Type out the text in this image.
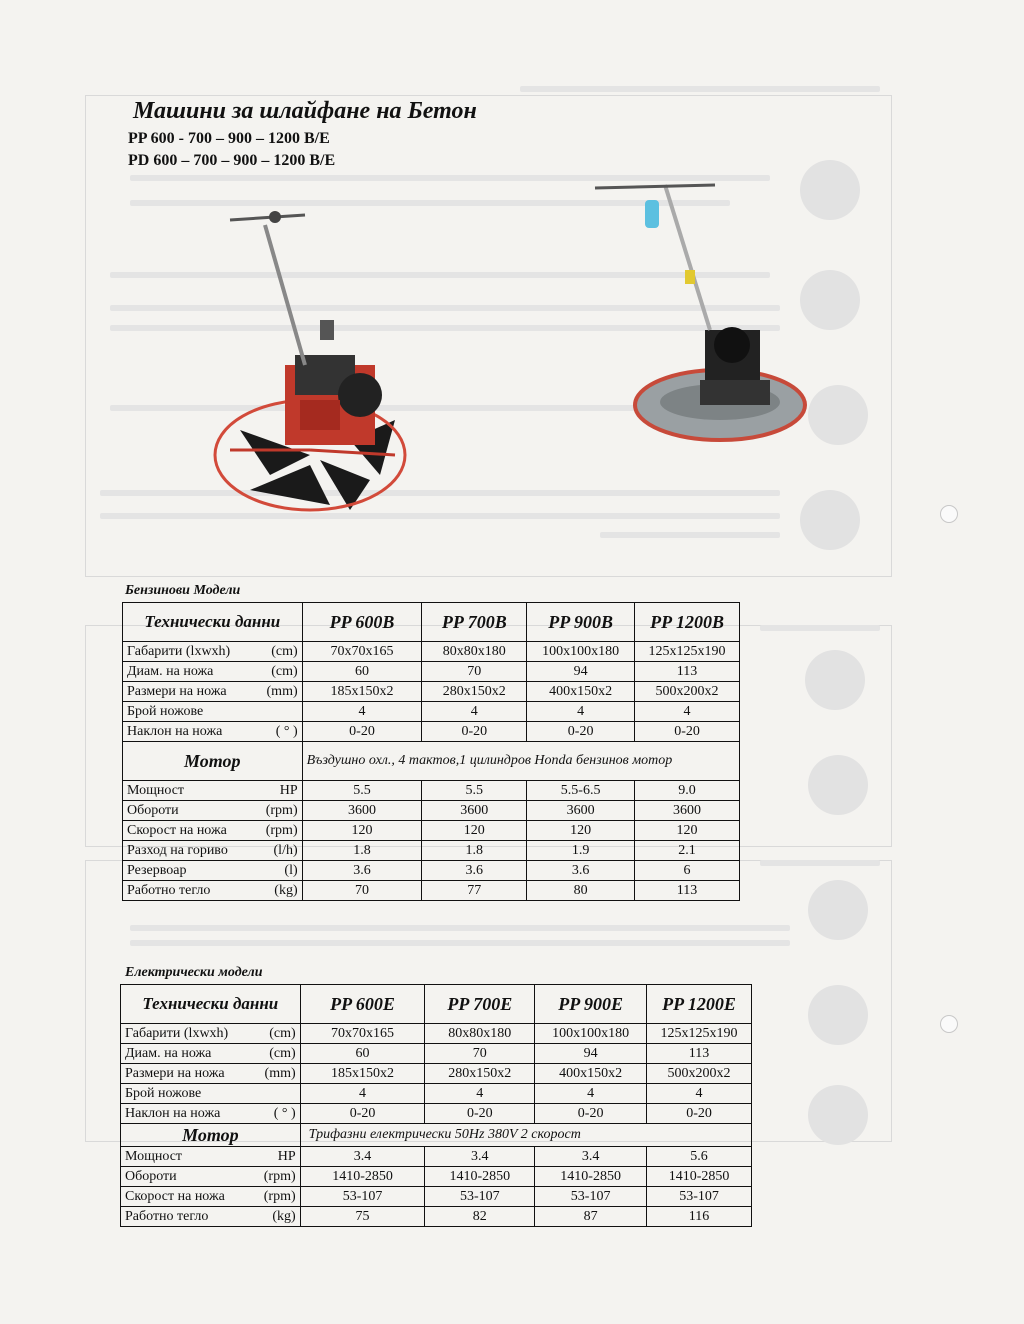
Машини за шлайфане на Бетон
PP 600 - 700 – 900 – 1200 B/E
PD 600 – 700 – 900 – 1200 B/E
Бензинови Модели
Технически данни	PP 600B	PP 700B	PP 900B	PP 1200B

Габарити (lxwxh) (cm)	70x70x165	80x80x180	100x100x180	125x125x190

Диам. на ножа (cm)	60	70	94	113

Размери на ножа (mm)	185x150x2	280x150x2	400x150x2	500x200x2

Брой ножове	4	4	4	4

Наклон на ножа ( ° )	0-20	0-20	0-20	0-20
Мотор	Въздушно охл., 4 тактов,1 цилиндров Honda бензинов мотор			

Мощност HP	5.5	5.5	5.5-6.5	9.0

Обороти (rpm)	3600	3600	3600	3600

Скорост на ножа (rpm)	120	120	120	120

Разход на гориво (l/h)	1.8	1.8	1.9	2.1

Резервоар (l)	3.6	3.6	3.6	6

Работно тегло (kg)	70	77	80	113
Електрически модели
Технически данни	PP 600E	PP 700E	PP 900E	PP 1200E

Габарити (lxwxh) (cm)	70x70x165	80x80x180	100x100x180	125x125x190

Диам. на ножа (cm)	60	70	94	113

Размери на ножа (mm)	185x150x2	280x150x2	400x150x2	500x200x2

Брой ножове	4	4	4	4

Наклон на ножа ( ° )	0-20	0-20	0-20	0-20
Мотор	Трифазни електрически 50Hz 380V 2 скорост			

Мощност HP	3.4	3.4	3.4	5.6

Обороти (rpm)	1410-2850	1410-2850	1410-2850	1410-2850

Скорост на ножа (rpm)	53-107	53-107	53-107	53-107

Работно тегло (kg)	75	82	87	116
